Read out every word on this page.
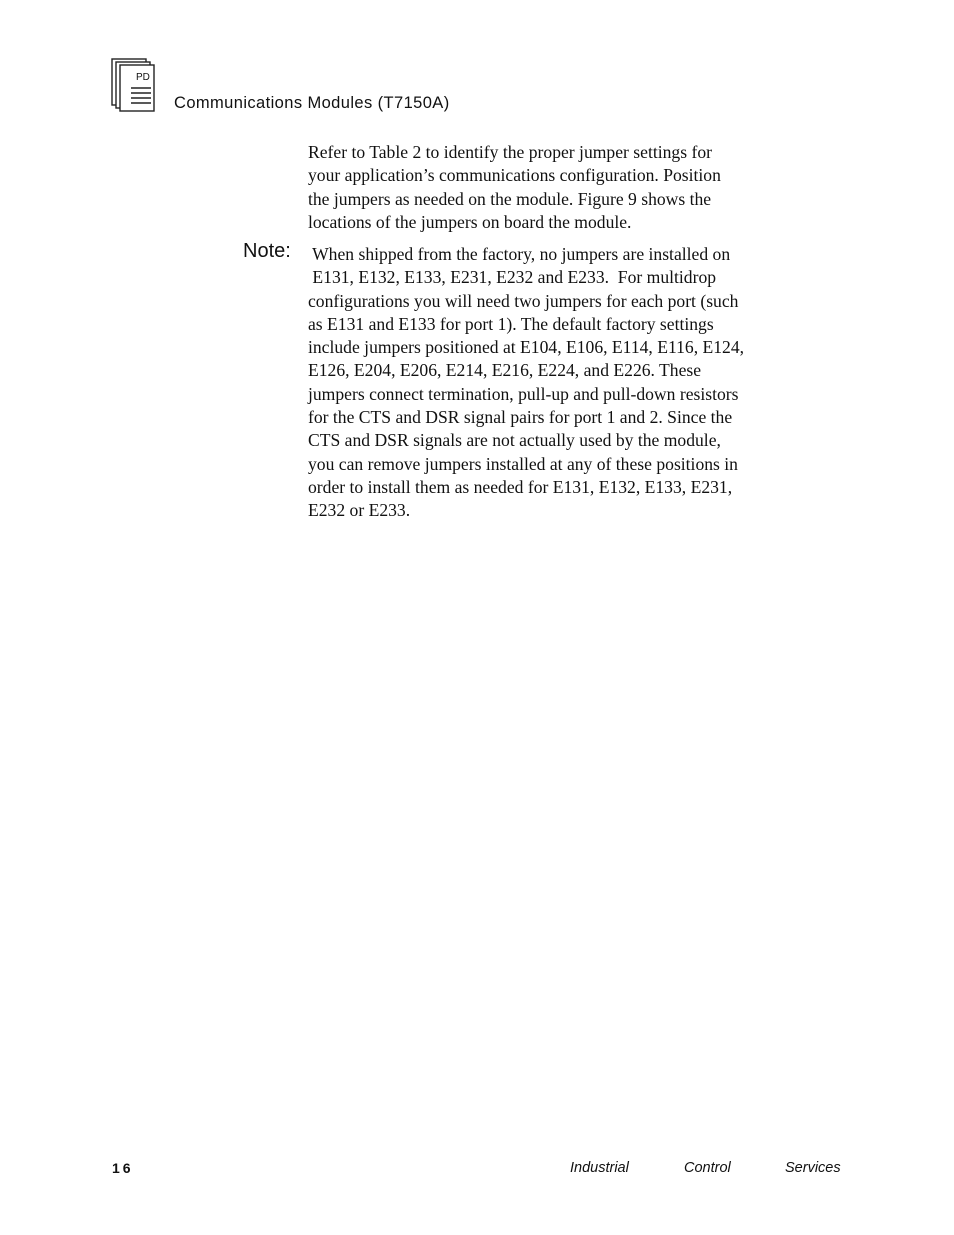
PD
Communications Modules (T7150A)

Refer to Table 2 to identify the proper jumper settings for

your application’s communications configuration. Position

the jumpers as needed on the module. Figure 9 shows the

locations of the jumpers on board the module.

Note: When shipped from the factory, no jumpers are installed on

E131, E132, E133, E231, E232 and E233.  For multidrop

configurations you will need two jumpers for each port (such

as E131 and E133 for port 1). The default factory settings

include jumpers positioned at E104, E106, E114, E116, E124,

E126, E204, E206, E214, E216, E224, and E226. These

jumpers connect termination, pull-up and pull-down resistors

for the CTS and DSR signal pairs for port 1 and 2. Since the

CTS and DSR signals are not actually used by the module,

you can remove jumpers installed at any of these positions in

order to install them as needed for E131, E132, E133, E231,

E232 or E233.

16	Industrial	Control	Services
